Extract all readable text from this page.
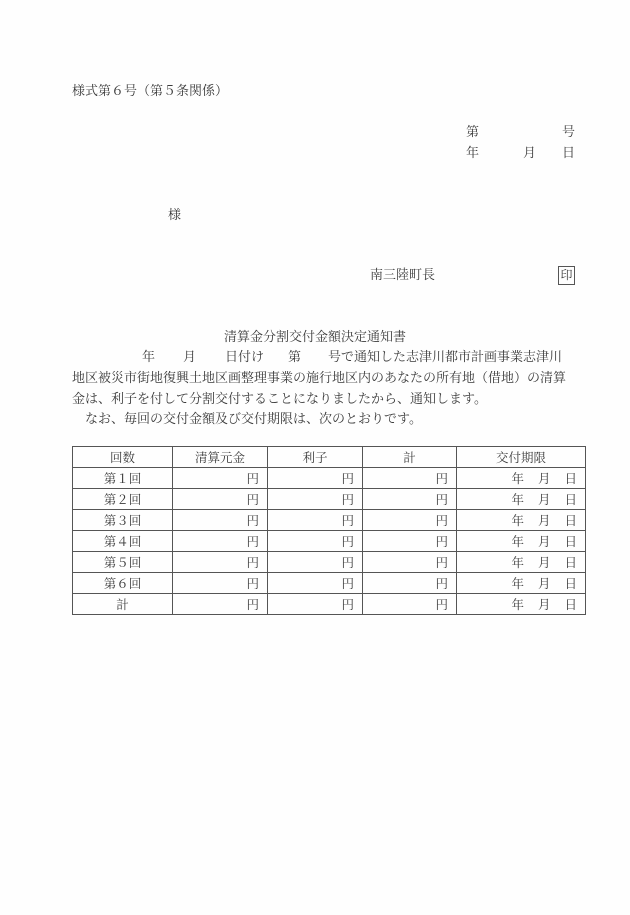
様式第６号（第５条関係）
第	号
年	月 日
様
南三陸町長	印
清算金分割交付金額決定通知書
年 月 日付け 第 号で通知した志津川都市計画事業志津川
地区被災市街地復興土地区画整理事業の施行地区内のあなたの所有地（借地）の清算
金は、利子を付して分割交付することになりましたから、通知します。
なお、毎回の交付金額及び交付期限は、次のとおりです。
回数	清算元金	利子	計	交付期限
第１回	円	円	円	年 月 日
第２回	円	円	円	年 月 日
第３回	円	円	円	年 月 日
第４回	円	円	円	年 月 日
第５回	円	円	円	年 月 日
第６回	円	円	円	年 月 日
計	円	円	円	年 月 日
